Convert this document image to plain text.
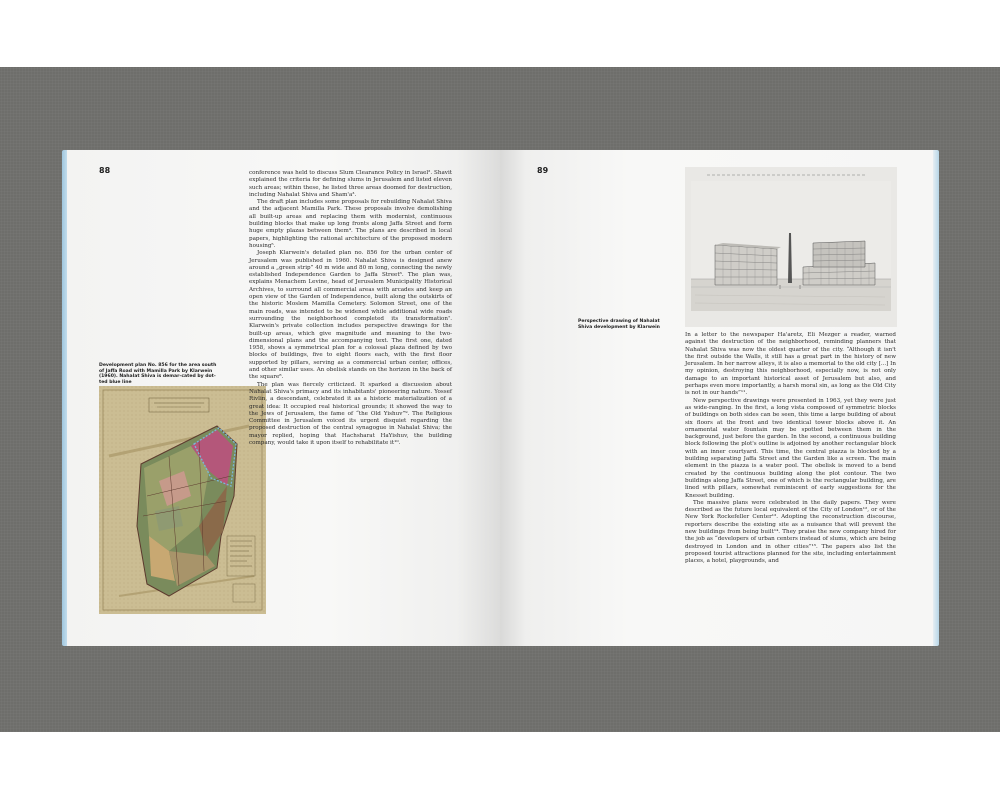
88
Development plan No. 856 for the area south of Jaffa Road with Mamilla Park by Klarwein (1960). Nahalat Shiva is demar-cated by dot-ted blue line

conference was held to discuss Slum Clearance Policy in Israel². Shavit explained the criteria for defining slums in Jerusalem and listed eleven such areas; within these, he listed three areas doomed for destruction, including Nahalat Shiva and Sham'a³.

The draft plan includes some proposals for rebuilding Nahalat Shiva and the adjacent Mamilla Park. These proposals involve demolishing all built-up areas and replacing them with modernist, continuous building blocks that make up long fronts along Jaffa Street and form huge empty plazas between them⁴. The plans are described in local papers, highlighting the rational architecture of the proposed modern housing⁵.

Joseph Klarwein's detailed plan no. 856 for the urban center of Jerusalem was published in 1960. Nahalat Shiva is designed anew around a „green strip” 40 m wide and 80 m long, connecting the newly established Independence Garden to Jaffa Street⁶. The plan was, explains Menachem Levine, head of Jerusalem Municipality Historical Archives, to surround all commercial areas with arcades and keep an open view of the Garden of Independence, built along the outskirts of the historic Moslem Mamilla Cemetery. Solomon Street, one of the main roads, was intended to be widened while additional wide roads surrounding the neighborhood completed its transformation⁷. Klarwein's private collection includes perspective drawings for the built-up areas, which give magnitude and meaning to the two-dimensional plans and the accompanying text. The first one, dated 1958, shows a symmetrical plan for a colossal plaza defined by two blocks of buildings, five to eight floors each, with the first floor supported by pillars, serving as a commercial urban center, offices, and other similar uses. An obelisk stands on the horizon in the back of the square⁸.

The plan was fiercely criticized. It sparked a discussion about Nahalat Shiva's primacy and its inhabitants' pioneering nature. Yossef Rivlin, a descendant, celebrated it as a historic materialization of a great idea: It occupied real historical grounds; it showed the way to the Jews of Jerusalem, the fame of “the Old Yishuv”⁹. The Religious Committee in Jerusalem voiced its urgent disquiet regarding the proposed destruction of the central synagogue in Nahalat Shiva; the mayor replied, hoping that Hachsharat HaYishuv, the building company, would take it upon itself to rehabilitate it¹⁰.

89
Perspective drawing of Nahalat Shiva development by Klarwein

In a letter to the newspaper Ha'aretz, Eli Mezger a reader, warned against the destruction of the neighborhood, reminding planners that Nahalat Shiva was now the oldest quarter of the city. “Although it isn't the first outside the Walls, it still has a great part in the history of new Jerusalem. In her narrow alleys, it is also a memorial to the old city [...] In my opinion, destroying this neighborhood, especially now, is not only damage to an important historical asset of Jerusalem but also, and perhaps even more importantly, a harsh moral sin, as long as the Old City is not in our hands”¹¹.

New perspective drawings were presented in 1963, yet they were just as wide-ranging. In the first, a long vista composed of symmetric blocks of buildings on both sides can be seen, this time a large building of about six floors at the front and two identical tower blocks above it. An ornamental water fountain may be spotted between them in the background, just before the garden. In the second, a continuous building block following the plot's outline is adjoined by another rectangular block with an inner courtyard. This time, the central piazza is blocked by a building separating Jaffa Street and the Garden like a screen. The main element in the piazza is a water pool. The obelisk is moved to a bend created by the continuous building along the plot contour. The two buildings along Jaffa Street, one of which is the rectangular building, are lined with pillars, somewhat reminiscent of early suggestions for the Knesset building.

The massive plans were celebrated in the daily papers. They were described as the future local equivalent of the City of London¹², or of the New York Rockefeller Center¹³. Adopting the reconstruction discourse, reporters describe the existing site as a nuisance that will prevent the new buildings from being built¹⁴. They praise the new company hired for the job as “developers of urban centers instead of slums, which are being destroyed in London and in other cities”¹⁵. The papers also list the proposed tourist attractions planned for the site, including entertainment places, a hotel, playgrounds, and
